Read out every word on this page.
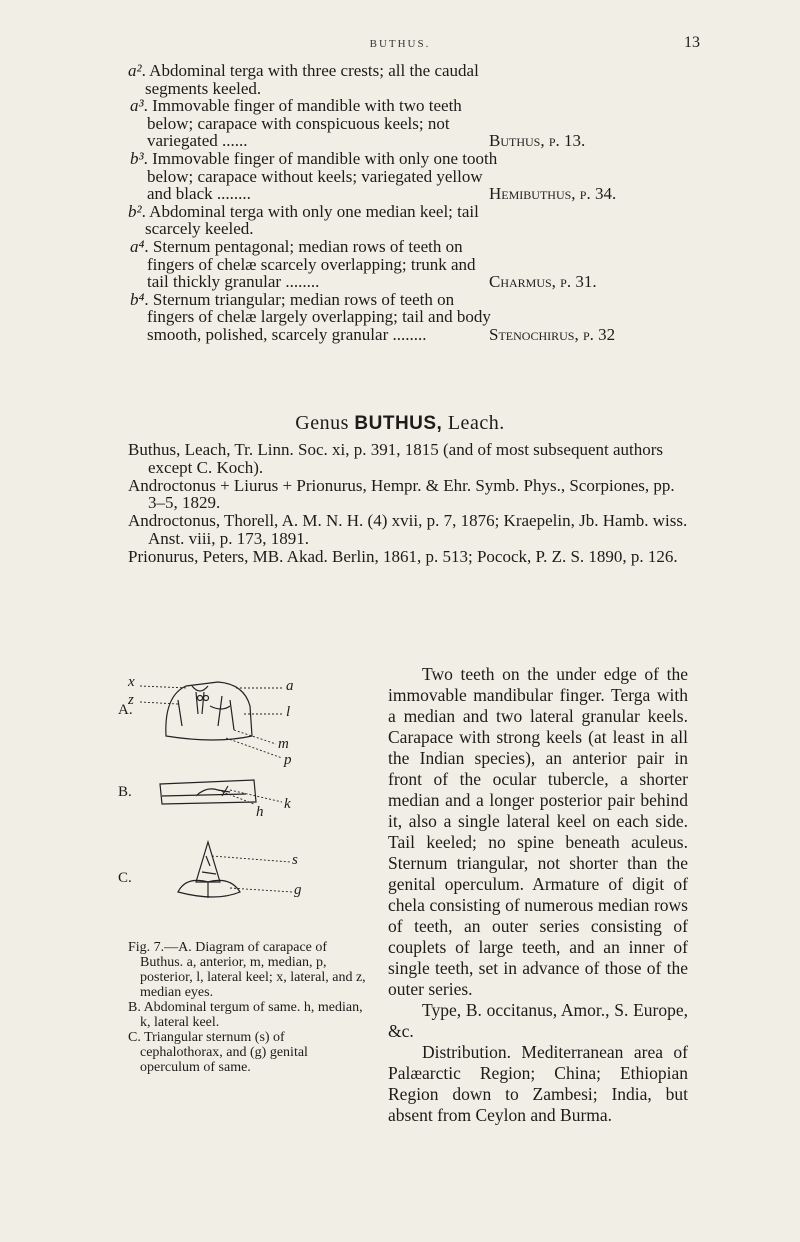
BUTHUS.	13
a². Abdominal terga with three crests; all the caudal segments keeled.
a³. Immovable finger of mandible with two teeth below; carapace with conspicuous keels; not variegated ......	Buthus, p. 13.
b³. Immovable finger of mandible with only one tooth below; carapace without keels; variegated yellow and black ........	Hemibuthus, p. 34.
b². Abdominal terga with only one median keel; tail scarcely keeled.
a⁴. Sternum pentagonal; median rows of teeth on fingers of chelæ scarcely overlapping; trunk and tail thickly granular ........	Charmus, p. 31.
b⁴. Sternum triangular; median rows of teeth on fingers of chelæ largely overlapping; tail and body smooth, polished, scarcely granular ........	Stenochirus, p. 32
Genus BUTHUS, Leach.
Buthus, Leach, Tr. Linn. Soc. xi, p. 391, 1815 (and of most subsequent authors except C. Koch).
Androctonus + Liurus + Prionurus, Hempr. & Ehr. Symb. Phys., Scorpiones, pp. 3–5, 1829.
Androctonus, Thorell, A. M. N. H. (4) xvii, p. 7, 1876; Kraepelin, Jb. Hamb. wiss. Anst. viii, p. 173, 1891.
Prionurus, Peters, MB. Akad. Berlin, 1861, p. 513; Pocock, P. Z. S. 1890, p. 126.
A.
B.
C.
x
z
a
l
m
p
k
h
s
g
Fig. 7.—A. Diagram of carapace of Buthus. a, anterior, m, median, p, posterior, l, lateral keel; x, lateral, and z, median eyes.
B. Abdominal tergum of same. h, median, k, lateral keel.
C. Triangular sternum (s) of cephalothorax, and (g) genital operculum of same.

Two teeth on the under edge of the immovable mandibular finger. Terga with a median and two lateral granular keels. Carapace with strong keels (at least in all the Indian species), an anterior pair in front of the ocular tubercle, a shorter median and a longer posterior pair behind it, also a single lateral keel on each side. Tail keeled; no spine beneath aculeus. Sternum triangular, not shorter than the genital operculum. Armature of digit of chela consisting of numerous median rows of teeth, an outer series consisting of couplets of large teeth, and an inner of single teeth, set in advance of those of the outer series.

Type, B. occitanus, Amor., S. Europe, &c.

Distribution. Mediterranean area of Palæarctic Region; China; Ethiopian Region down to Zambesi; India, but absent from Ceylon and Burma.
